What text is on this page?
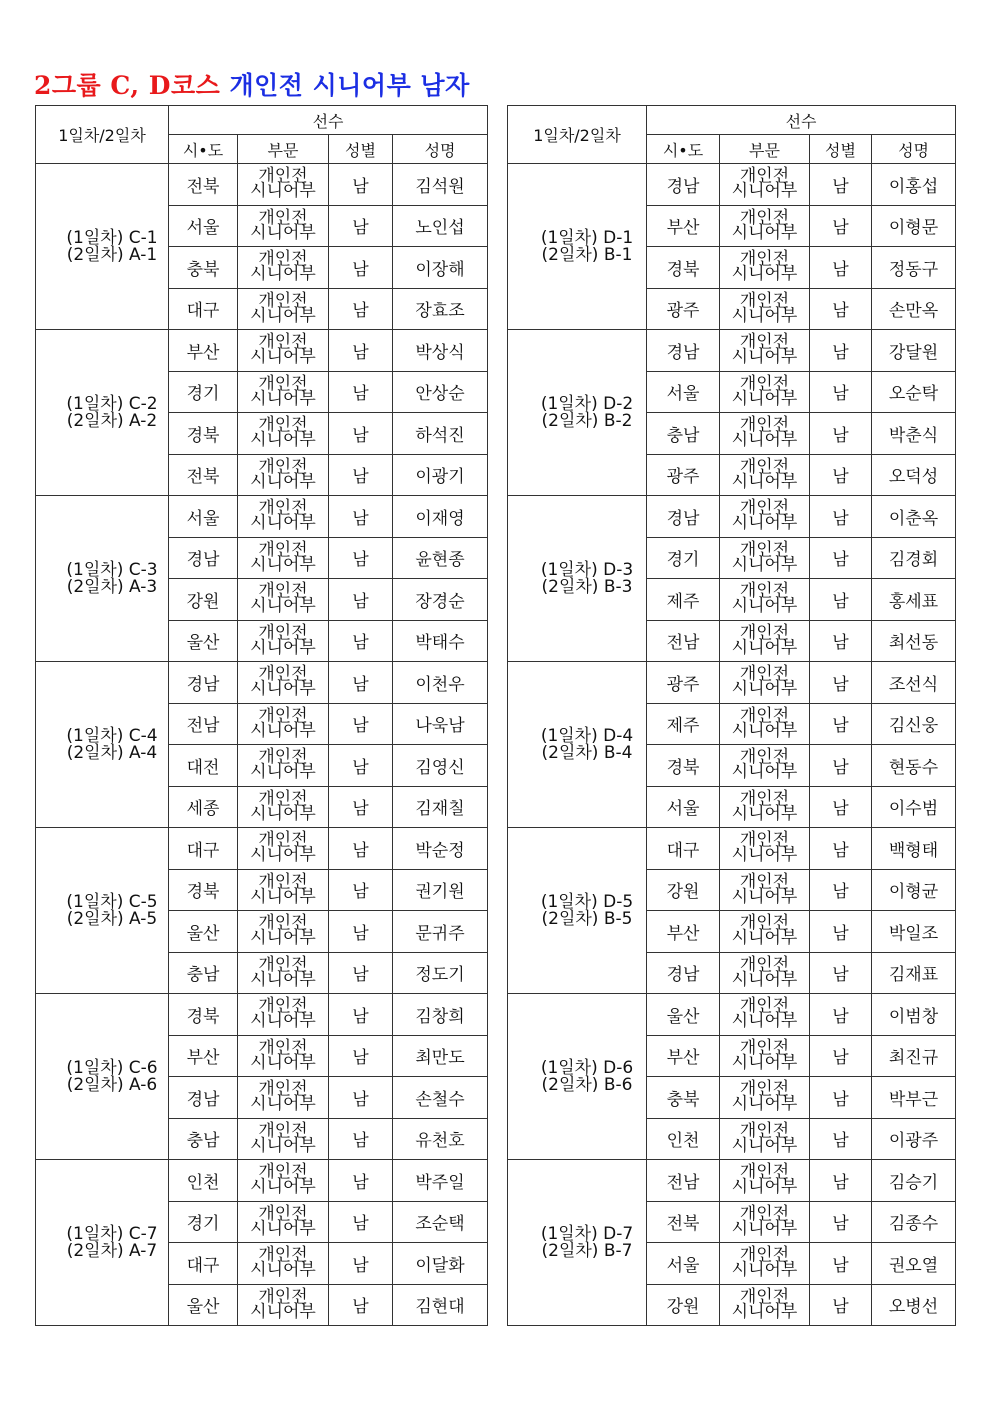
2그룹 C, D코스 개인전 시니어부 남자
1일차/2일차	선수			
	시•도	부문	성별	성명

(1일차) C-1
(2일차) A-1	전북	개인전
시니어부	남	김석원
	서울	개인전
시니어부	남	노인섭
	충북	개인전
시니어부	남	이장해
	대구	개인전
시니어부	남	장효조

(1일차) C-2
(2일차) A-2	부산	개인전
시니어부	남	박상식
	경기	개인전
시니어부	남	안상순
	경북	개인전
시니어부	남	하석진
	전북	개인전
시니어부	남	이광기

(1일차) C-3
(2일차) A-3	서울	개인전
시니어부	남	이재영
	경남	개인전
시니어부	남	윤현종
	강원	개인전
시니어부	남	장경순
	울산	개인전
시니어부	남	박태수

(1일차) C-4
(2일차) A-4	경남	개인전
시니어부	남	이천우
	전남	개인전
시니어부	남	나욱남
	대전	개인전
시니어부	남	김영신
	세종	개인전
시니어부	남	김재칠

(1일차) C-5
(2일차) A-5	대구	개인전
시니어부	남	박순정
	경북	개인전
시니어부	남	권기원
	울산	개인전
시니어부	남	문귀주
	충남	개인전
시니어부	남	정도기

(1일차) C-6
(2일차) A-6	경북	개인전
시니어부	남	김창희
	부산	개인전
시니어부	남	최만도
	경남	개인전
시니어부	남	손철수
	충남	개인전
시니어부	남	유천호

(1일차) C-7
(2일차) A-7	인천	개인전
시니어부	남	박주일
	경기	개인전
시니어부	남	조순택
	대구	개인전
시니어부	남	이달화
	울산	개인전
시니어부	남	김현대
1일차/2일차	선수			
	시•도	부문	성별	성명

(1일차) D-1
(2일차) B-1	경남	개인전
시니어부	남	이홍섭
	부산	개인전
시니어부	남	이형문
	경북	개인전
시니어부	남	정동구
	광주	개인전
시니어부	남	손만옥

(1일차) D-2
(2일차) B-2	경남	개인전
시니어부	남	강달원
	서울	개인전
시니어부	남	오순탁
	충남	개인전
시니어부	남	박춘식
	광주	개인전
시니어부	남	오덕성

(1일차) D-3
(2일차) B-3	경남	개인전
시니어부	남	이춘옥
	경기	개인전
시니어부	남	김경회
	제주	개인전
시니어부	남	홍세표
	전남	개인전
시니어부	남	최선동

(1일차) D-4
(2일차) B-4	광주	개인전
시니어부	남	조선식
	제주	개인전
시니어부	남	김신웅
	경북	개인전
시니어부	남	현동수
	서울	개인전
시니어부	남	이수범

(1일차) D-5
(2일차) B-5	대구	개인전
시니어부	남	백형태
	강원	개인전
시니어부	남	이형균
	부산	개인전
시니어부	남	박일조
	경남	개인전
시니어부	남	김재표

(1일차) D-6
(2일차) B-6	울산	개인전
시니어부	남	이범창
	부산	개인전
시니어부	남	최진규
	충북	개인전
시니어부	남	박부근
	인천	개인전
시니어부	남	이광주

(1일차) D-7
(2일차) B-7	전남	개인전
시니어부	남	김승기
	전북	개인전
시니어부	남	김종수
	서울	개인전
시니어부	남	권오열
	강원	개인전
시니어부	남	오병선
